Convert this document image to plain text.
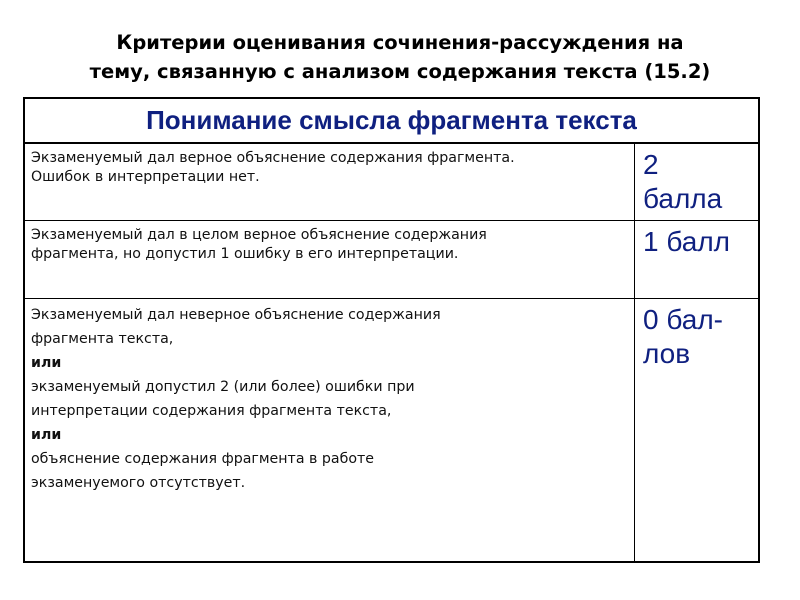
Критерии оценивания сочинения-рассуждения на
тему, связанную с анализом содержания текста (15.2)
Понимание смысла фрагмента текста
Экзаменуемый дал верное объяснение содержания фрагмента.
Ошибок в интерпретации нет.	2
балла
Экзаменуемый дал в целом верное объяснение содержания
фрагмента, но допустил 1 ошибку в его интерпретации.	1 балл
Экзаменуемый дал неверное объяснение содержания
фрагмента текста,
или
экзаменуемый допустил 2 (или более) ошибки при
интерпретации содержания фрагмента текста,
или
объяснение содержания фрагмента в работе
экзаменуемого отсутствует.
0 бал-
лов
